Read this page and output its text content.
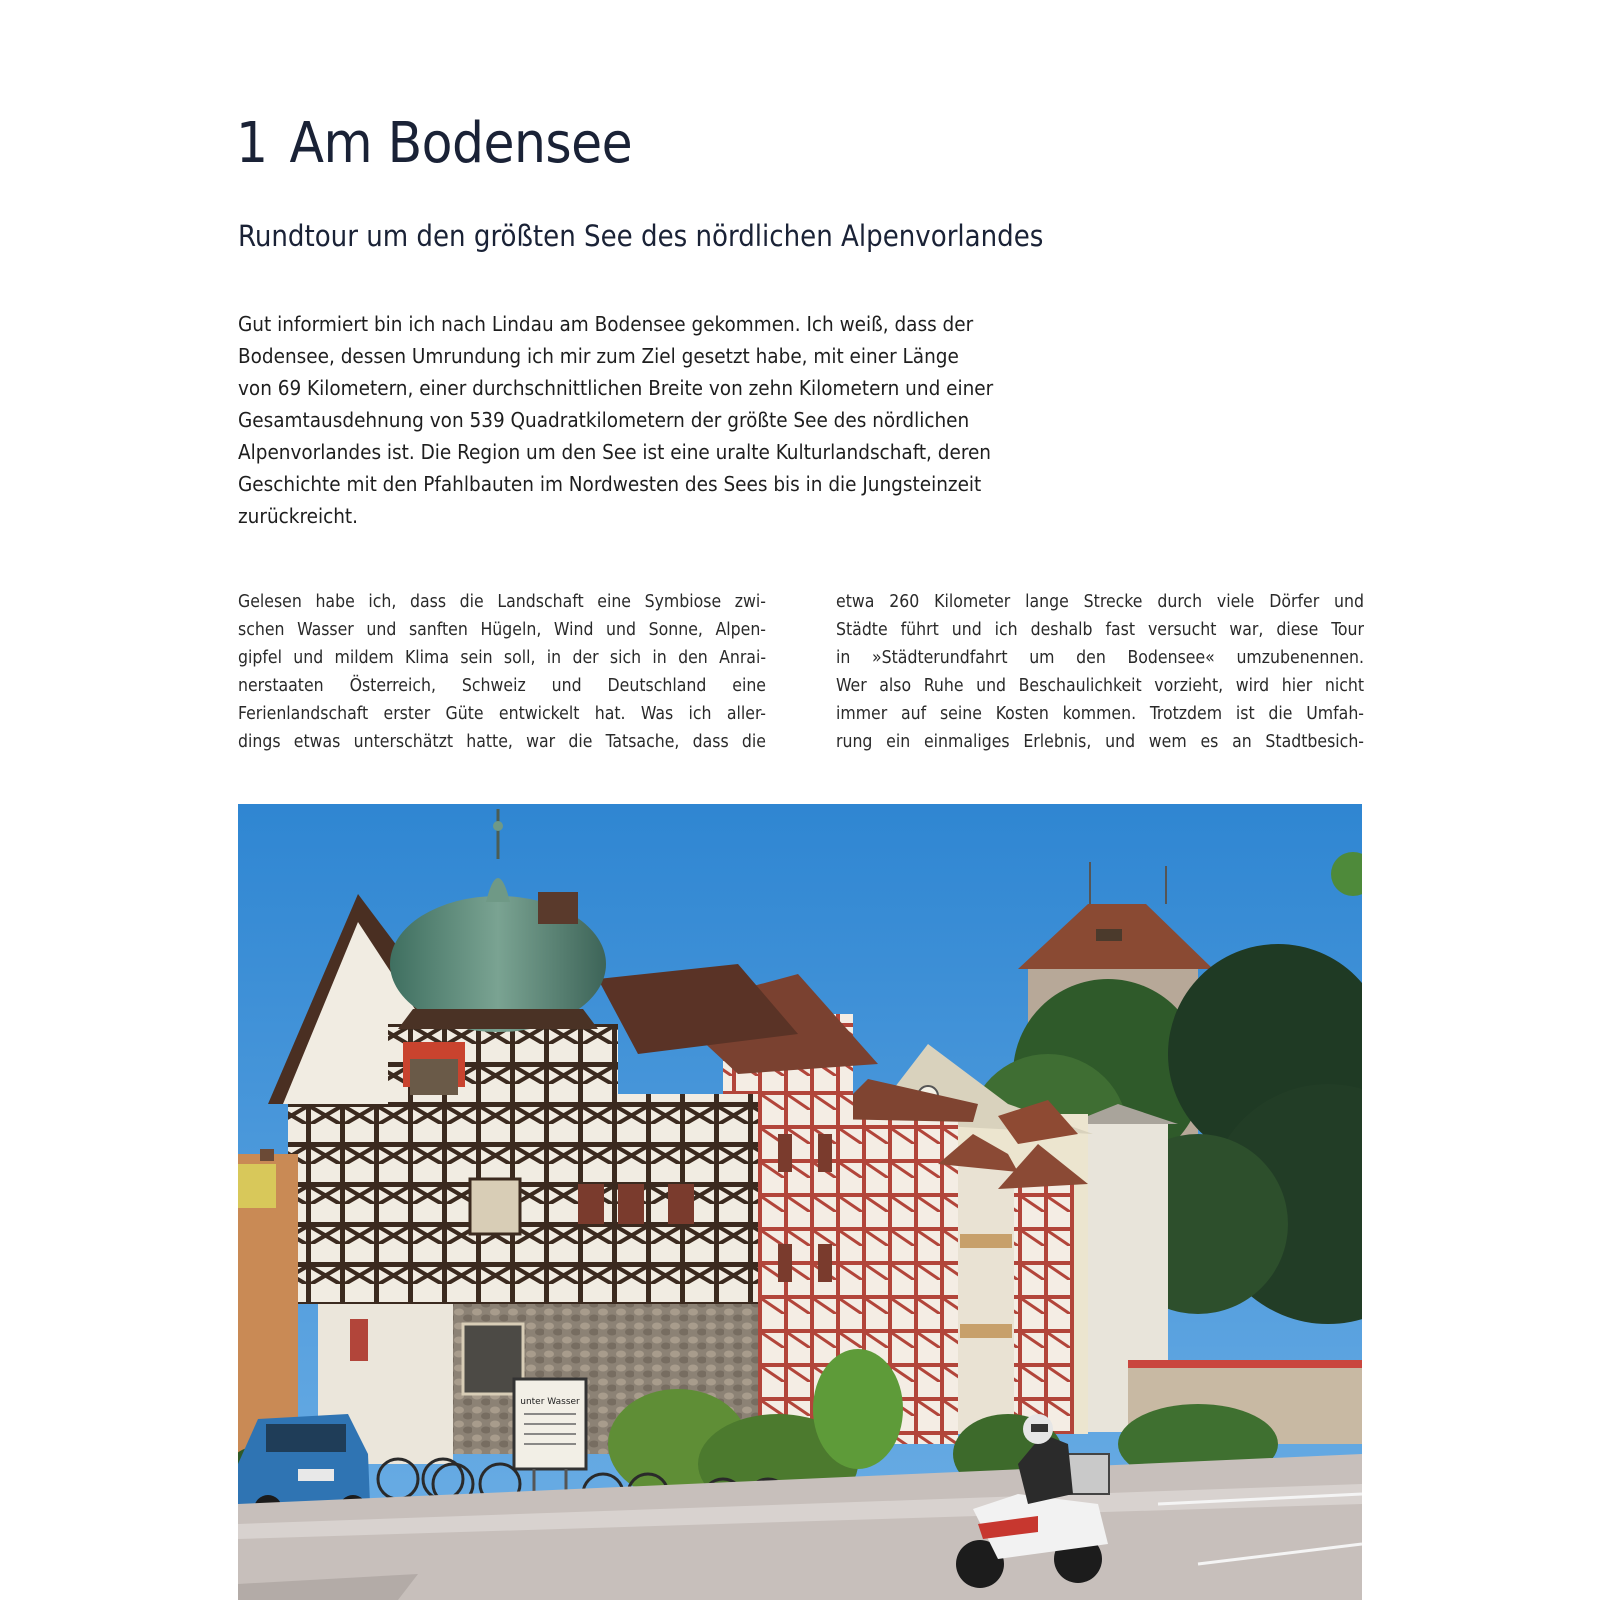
1 Am Bodensee
Rundtour um den größten See des nördlichen Alpenvorlandes
Gut informiert bin ich nach Lindau am Bodensee gekommen. Ich weiß, dass der
Bodensee, dessen Umrundung ich mir zum Ziel gesetzt habe, mit einer Länge
von 69 Kilometern, einer durchschnittlichen Breite von zehn Kilometern und einer
Gesamtausdehnung von 539 Quadratkilometern der größte See des nördlichen
Alpenvorlandes ist. Die Region um den See ist eine uralte Kulturlandschaft, deren
Geschichte mit den Pfahlbauten im Nordwesten des Sees bis in die Jungsteinzeit
zurückreicht.
Gelesen habe ich, dass die Landschaft eine Symbiose zwi-
schen Wasser und sanften Hügeln, Wind und Sonne, Alpen-
gipfel und mildem Klima sein soll, in der sich in den Anrai-
nerstaaten Österreich, Schweiz und Deutschland eine
Ferienlandschaft erster Güte entwickelt hat. Was ich aller-
dings etwas unterschätzt hatte, war die Tatsache, dass die
etwa 260 Kilometer lange Strecke durch viele Dörfer und
Städte führt und ich deshalb fast versucht war, diese Tour
in »Städterundfahrt um den Bodensee« umzubenennen.
Wer also Ruhe und Beschaulichkeit vorzieht, wird hier nicht
immer auf seine Kosten kommen. Trotzdem ist die Umfah-
rung ein einmaliges Erlebnis, und wem es an Stadtbesich-
unter Wasser
